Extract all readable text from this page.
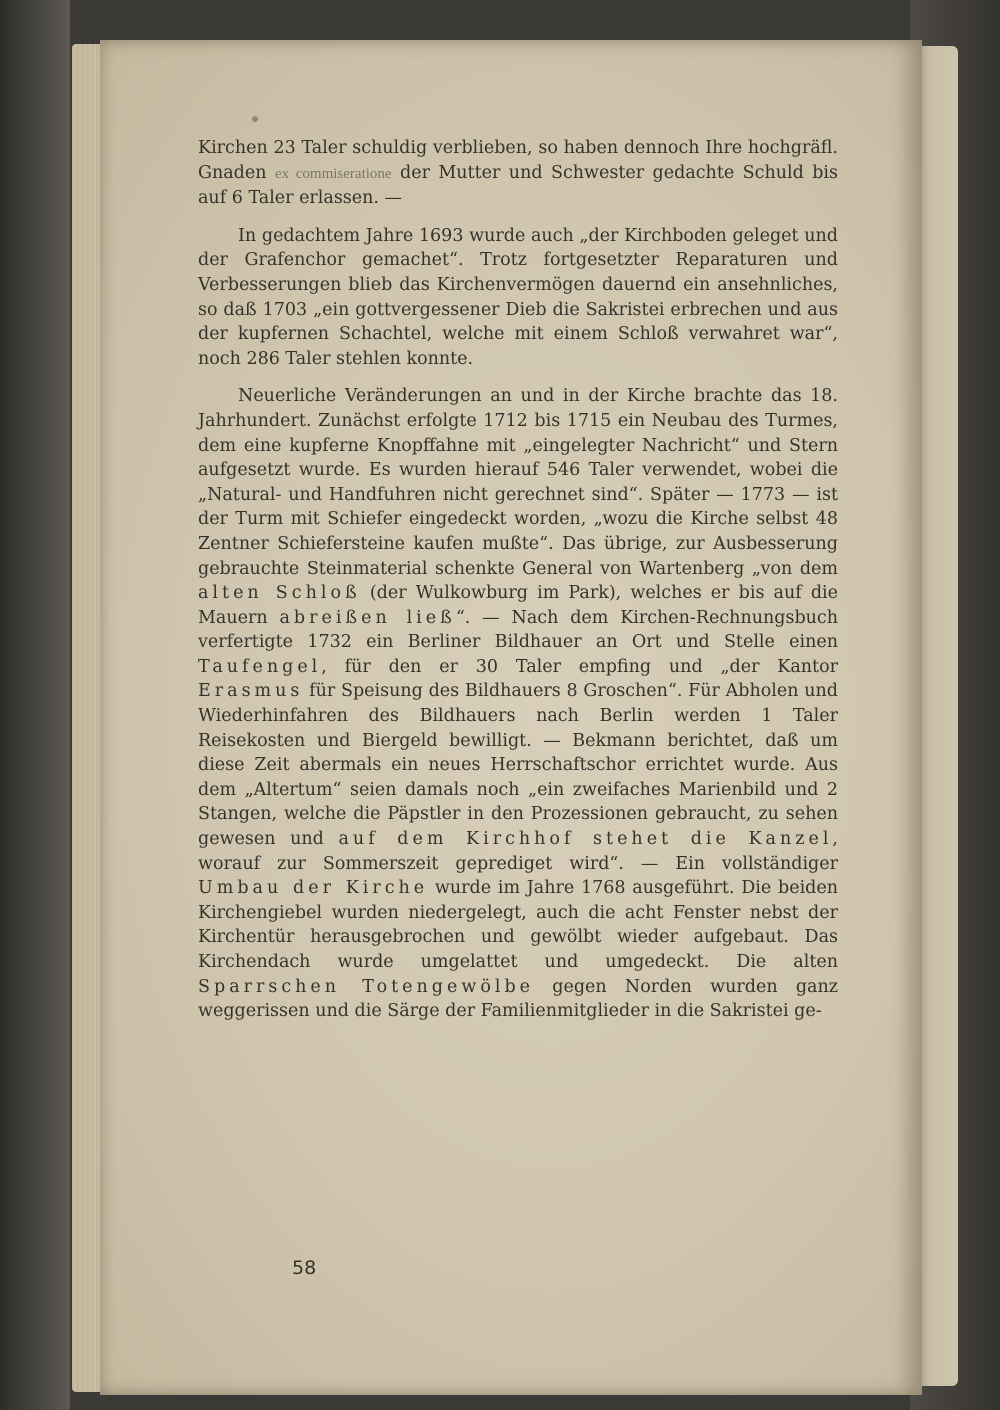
Kirchen 23 Taler schuldig verblieben, so haben dennoch Ihre hochgräfl. Gnaden ex commiseratione der Mutter und Schwester gedachte Schuld bis auf 6 Taler erlassen. —

In gedachtem Jahre 1693 wurde auch „der Kirchboden geleget und der Grafenchor gemachet“. Trotz fortgesetzter Reparaturen und Verbesserungen blieb das Kirchenvermögen dauernd ein ansehnliches, so daß 1703 „ein gottvergessener Dieb die Sakristei erbrechen und aus der kupfernen Schachtel, welche mit einem Schloß verwahret war“, noch 286 Taler stehlen konnte.

Neuerliche Veränderungen an und in der Kirche brachte das 18. Jahrhundert. Zunächst erfolgte 1712 bis 1715 ein Neubau des Turmes, dem eine kupferne Knopffahne mit „eingelegter Nachricht“ und Stern aufgesetzt wurde. Es wurden hierauf 546 Taler verwendet, wobei die „Natural- und Handfuhren nicht gerechnet sind“. Später — 1773 — ist der Turm mit Schiefer eingedeckt worden, „wozu die Kirche selbst 48 Zentner Schiefersteine kaufen mußte“. Das übrige, zur Ausbesserung gebrauchte Steinmaterial schenkte General von Wartenberg „von dem alten Schloß (der Wulkowburg im Park), welches er bis auf die Mauern abreißen ließ“. — Nach dem Kirchen-Rechnungsbuch verfertigte 1732 ein Berliner Bildhauer an Ort und Stelle einen Taufengel, für den er 30 Taler empfing und „der Kantor Erasmus für Speisung des Bildhauers 8 Groschen“. Für Abholen und Wiederhinfahren des Bildhauers nach Berlin werden 1 Taler Reisekosten und Biergeld bewilligt. — Bekmann berichtet, daß um diese Zeit abermals ein neues Herrschaftschor errichtet wurde. Aus dem „Altertum“ seien damals noch „ein zweifaches Marienbild und 2 Stangen, welche die Päpstler in den Prozessionen gebraucht, zu sehen gewesen und auf dem Kirchhof stehet die Kanzel, worauf zur Sommerszeit geprediget wird“. — Ein vollständiger Umbau der Kirche wurde im Jahre 1768 ausgeführt. Die beiden Kirchengiebel wurden niedergelegt, auch die acht Fenster nebst der Kirchentür herausgebrochen und gewölbt wieder aufgebaut. Das Kirchendach wurde umgelattet und umgedeckt. Die alten Sparrschen Totengewölbe gegen Norden wurden ganz weggerissen und die Särge der Familienmitglieder in die Sakristei ge-

58
